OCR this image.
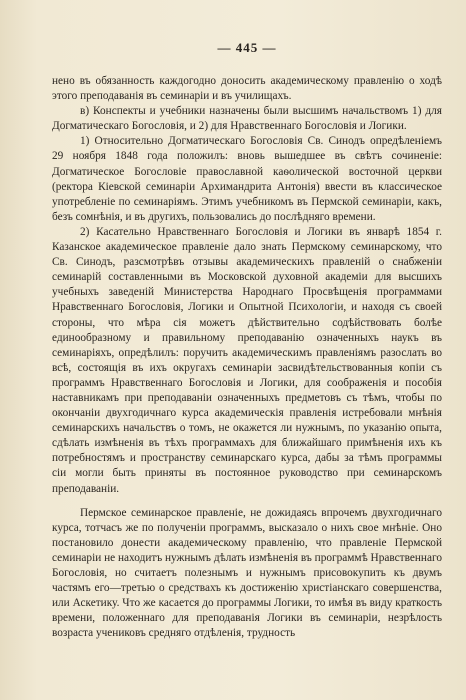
— 445 —

нено въ обязанность каждогодно доносить академическому правленію о ходѣ этого преподаванія въ семинаріи и въ училищахъ.

в) Конспекты и учебники назначены были высшимъ начальствомъ 1) для Догматическаго Богословія, и 2) для Нравственнаго Богословія и Логики.

1) Относительно Догматическаго Богословія Св. Синодъ опредѣленіемъ 29 ноября 1848 года положилъ: вновь вышедшее въ свѣтъ сочиненіе: Догматическое Богословіе православной каѳолической восточной церкви (ректора Кіевской семинаріи Архимандрита Антонія) ввести въ классическое употребленіе по семинаріямъ. Этимъ учебникомъ въ Пермской семинаріи, какъ, безъ сомнѣнія, и въ другихъ, пользовались до послѣдняго времени.

2) Касательно Нравственнаго Богословія и Логики въ январѣ 1854 г. Казанское академическое правленіе дало знать Пермскому семинарскому, что Св. Синодъ, разсмотрѣвъ отзывы академическихъ правленій о снабженіи семинарій составленными въ Московской духовной академіи для высшихъ учебныхъ заведеній Министерства Народнаго Просвѣщенія программами Нравственнаго Богословія, Логики и Опытной Психологіи, и находя съ своей стороны, что мѣра сія можетъ дѣйствительно содѣйствовать болѣе единообразному и правильному преподаванію означенныхъ наукъ въ семинаріяхъ, опредѣлилъ: поручить академическимъ правленіямъ разослать во всѣ, состоящія въ ихъ округахъ семинаріи засвидѣтельствованныя копіи съ программъ Нравственнаго Богословія и Логики, для соображенія и пособія наставникамъ при преподаваніи означенныхъ предметовъ съ тѣмъ, чтобы по окончаніи двухгодичнаго курса академическія правленія истребовали мнѣнія семинарскихъ начальствъ о томъ, не окажется ли нужнымъ, по указанію опыта, сдѣлать измѣненія въ тѣхъ программахъ для ближайшаго примѣненія ихъ къ потребностямъ и пространству семинарскаго курса, дабы за тѣмъ программы сіи могли быть приняты въ постоянное руководство при семинарскомъ преподаваніи.

Пермское семинарское правленіе, не дожидаясь впрочемъ двухгодичнаго курса, тотчасъ же по полученіи программъ, высказало о нихъ свое мнѣніе. Оно постановило донести академическому правленію, что правленіе Пермской семинаріи не находитъ нужнымъ дѣлать измѣненія въ программѣ Нравственнаго Богословія, но считаетъ полезнымъ и нужнымъ присовокупить къ двумъ частямъ его—третью о средствахъ къ достиженію христіанскаго совершенства, или Аскетику. Что же касается до программы Логики, то имѣя въ виду краткость времени, положеннаго для преподаванія Логики въ семинаріи, незрѣлость возраста учениковъ средняго отдѣленія, трудность
